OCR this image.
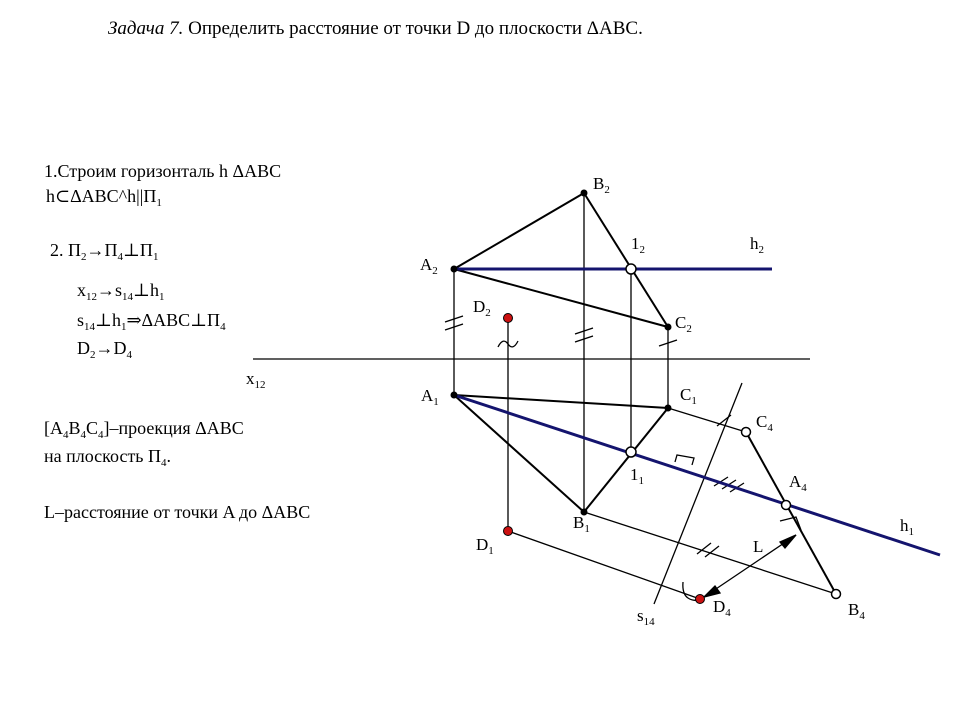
Задача 7. Определить расстояние от точки D до плоскости ΔABC.
1.Строим горизонталь h ΔABC
$h\subset\Delta ABC\^{}h||\Pi_1$
2. $\Pi_2\to\Pi_4\perp\Pi_1$
$x_{12}\to s_{14}\perp h_1$
$s_{14}\perp h_1\Rightarrow\Delta ABC\perp\Pi_4$
$D_2\to D_4$
$[A_4B_4C_4]$–проекция ΔABC
на плоскость $\Pi_4$.
L–расстояние от точки A до ΔABC
$B_2$
$A_2$
$1_2$	$h_2$
$D_2$	$C_2$
$x_{12}$
$A_1$	$C_1$
$C_4$
$1_1$	$A_4$
$h_1$
$B_1$
$D_1$	L
$D_4$	$B_4$
$s_{14}$
